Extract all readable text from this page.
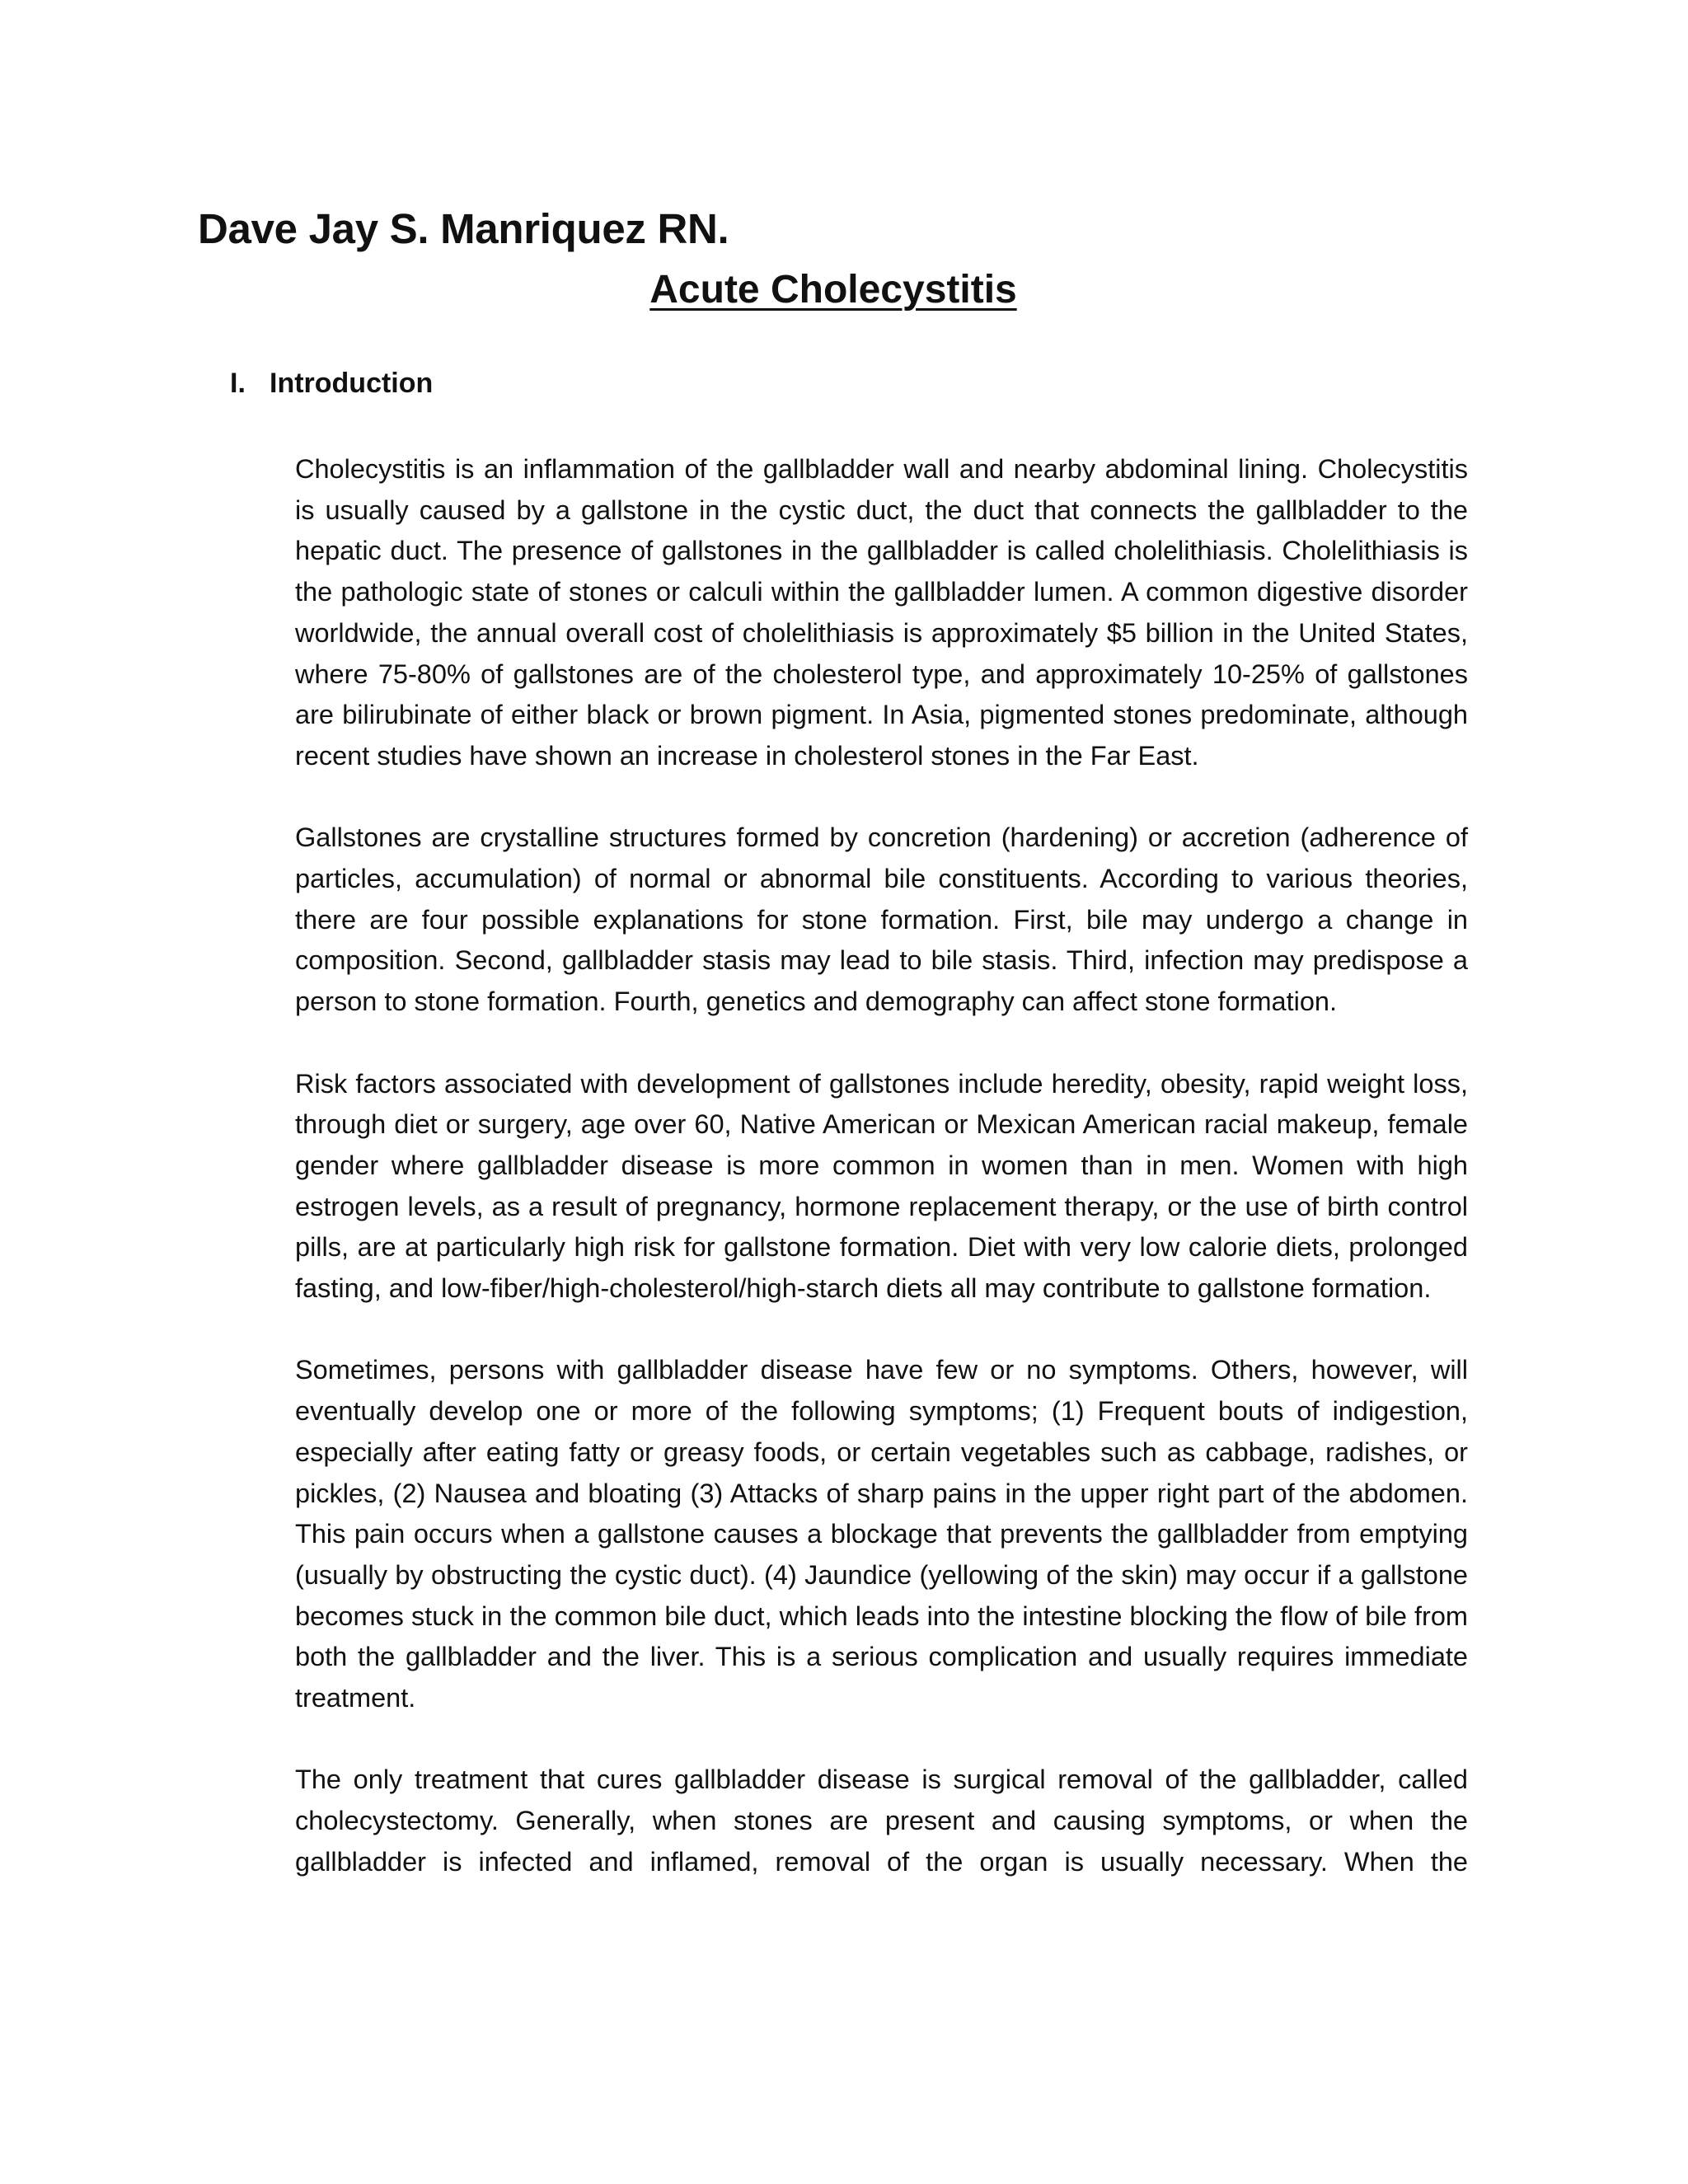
Dave Jay S. Manriquez RN.
Acute Cholecystitis
I. Introduction

Cholecystitis is an inflammation of the gallbladder wall and nearby abdominal lining. Cholecystitis is usually caused by a gallstone in the cystic duct, the duct that connects the gallbladder to the hepatic duct. The presence of gallstones in the gallbladder is called cholelithiasis. Cholelithiasis is the pathologic state of stones or calculi within the gallbladder lumen. A common digestive disorder worldwide, the annual overall cost of cholelithiasis is approximately $5 billion in the United States, where 75-80% of gallstones are of the cholesterol type, and approximately 10-25% of gallstones are bilirubinate of either black or brown pigment. In Asia, pigmented stones predominate, although recent studies have shown an increase in cholesterol stones in the Far East.

Gallstones are crystalline structures formed by concretion (hardening) or accretion (adherence of particles, accumulation) of normal or abnormal bile constituents. According to various theories, there are four possible explanations for stone formation. First, bile may undergo a change in composition. Second, gallbladder stasis may lead to bile stasis. Third, infection may predispose a person to stone formation. Fourth, genetics and demography can affect stone formation.

Risk factors associated with development of gallstones include heredity, obesity, rapid weight loss, through diet or surgery, age over 60, Native American or Mexican American racial makeup, female gender where gallbladder disease is more common in women than in men. Women with high estrogen levels, as a result of pregnancy, hormone replacement therapy, or the use of birth control pills, are at particularly high risk for gallstone formation. Diet with very low calorie diets, prolonged fasting, and low-fiber/high-cholesterol/high-starch diets all may contribute to gallstone formation.

Sometimes, persons with gallbladder disease have few or no symptoms. Others, however, will eventually develop one or more of the following symptoms; (1) Frequent bouts of indigestion, especially after eating fatty or greasy foods, or certain vegetables such as cabbage, radishes, or pickles, (2) Nausea and bloating (3) Attacks of sharp pains in the upper right part of the abdomen. This pain occurs when a gallstone causes a blockage that prevents the gallbladder from emptying (usually by obstructing the cystic duct). (4) Jaundice (yellowing of the skin) may occur if a gallstone becomes stuck in the common bile duct, which leads into the intestine blocking the flow of bile from both the gallbladder and the liver. This is a serious complication and usually requires immediate treatment.

The only treatment that cures gallbladder disease is surgical removal of the gallbladder, called cholecystectomy. Generally, when stones are present and causing symptoms, or when the gallbladder is infected and inflamed, removal of the organ is usually necessary. When the
